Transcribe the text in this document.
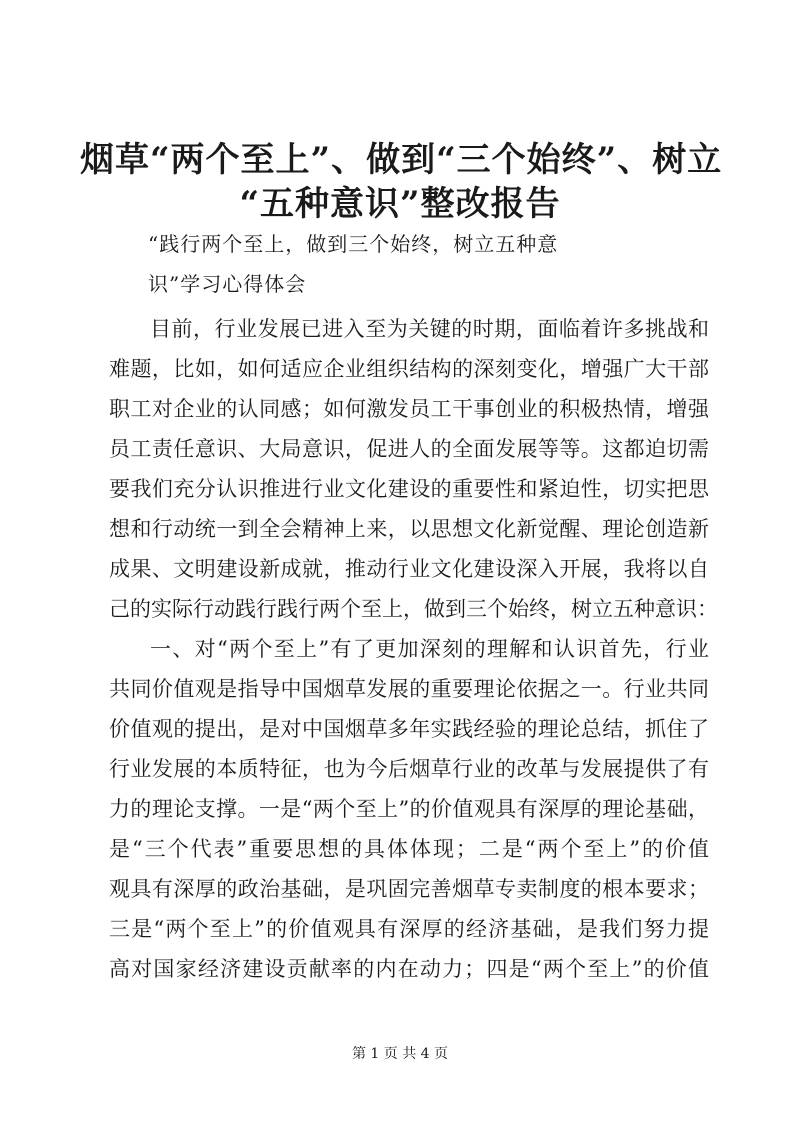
烟草“两个至上”、做到“三个始终”、树立
“五种意识”整改报告
“践行两个至上，做到三个始终，树立五种意
识”学习心得体会
目前，行业发展已进入至为关键的时期，面临着许多挑战和
难题，比如，如何适应企业组织结构的深刻变化，增强广大干部
职工对企业的认同感；如何激发员工干事创业的积极热情，增强
员工责任意识、大局意识，促进人的全面发展等等。这都迫切需
要我们充分认识推进行业文化建设的重要性和紧迫性，切实把思
想和行动统一到全会精神上来，以思想文化新觉醒、理论创造新
成果、文明建设新成就，推动行业文化建设深入开展，我将以自
己的实际行动践行践行两个至上，做到三个始终，树立五种意识：
一、对“两个至上”有了更加深刻的理解和认识首先，行业
共同价值观是指导中国烟草发展的重要理论依据之一。行业共同
价值观的提出，是对中国烟草多年实践经验的理论总结，抓住了
行业发展的本质特征，也为今后烟草行业的改革与发展提供了有
力的理论支撑。一是“两个至上”的价值观具有深厚的理论基础，
是“三个代表”重要思想的具体体现；二是“两个至上”的价值
观具有深厚的政治基础，是巩固完善烟草专卖制度的根本要求；
三是“两个至上”的价值观具有深厚的经济基础，是我们努力提
高对国家经济建设贡献率的内在动力；四是“两个至上”的价值
第 1 页 共 4 页
